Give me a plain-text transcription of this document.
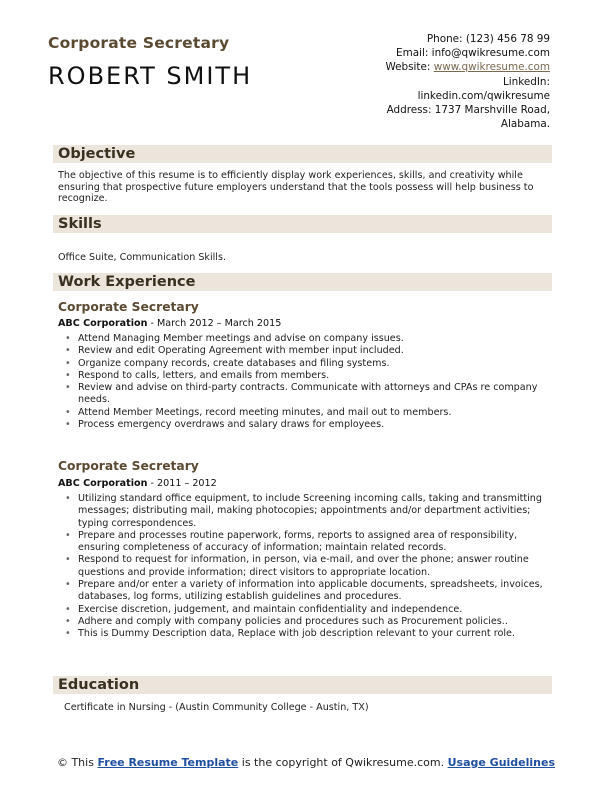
Corporate Secretary
ROBERT SMITH
Phone: (123) 456 78 99
Email: info@qwikresume.com
Website: www.qwikresume.com
LinkedIn:
linkedin.com/qwikresume
Address: 1737 Marshville Road,
Alabama.
Objective
The objective of this resume is to efficiently display work experiences, skills, and creativity while ensuring that prospective future employers understand that the tools possess will help business to recognize.
Skills
Office Suite, Communication Skills.
Work Experience
Corporate Secretary
ABC Corporation - March 2012 – March 2015
• Attend Managing Member meetings and advise on company issues.
• Review and edit Operating Agreement with member input included.
• Organize company records, create databases and filing systems.
• Respond to calls, letters, and emails from members.
• Review and advise on third-party contracts. Communicate with attorneys and CPAs re company needs.
• Attend Member Meetings, record meeting minutes, and mail out to members.
• Process emergency overdraws and salary draws for employees.
Corporate Secretary
ABC Corporation - 2011 – 2012
• Utilizing standard office equipment, to include Screening incoming calls, taking and transmitting messages; distributing mail, making photocopies; appointments and/or department activities; typing correspondences.
• Prepare and processes routine paperwork, forms, reports to assigned area of responsibility, ensuring completeness of accuracy of information; maintain related records.
• Respond to request for information, in person, via e-mail, and over the phone; answer routine questions and provide information; direct visitors to appropriate location.
• Prepare and/or enter a variety of information into applicable documents, spreadsheets, invoices, databases, log forms, utilizing establish guidelines and procedures.
• Exercise discretion, judgement, and maintain confidentiality and independence.
• Adhere and comply with company policies and procedures such as Procurement policies..
• This is Dummy Description data, Replace with job description relevant to your current role.
Education
Certificate in Nursing - (Austin Community College - Austin, TX)
© This Free Resume Template is the copyright of Qwikresume.com. Usage Guidelines
